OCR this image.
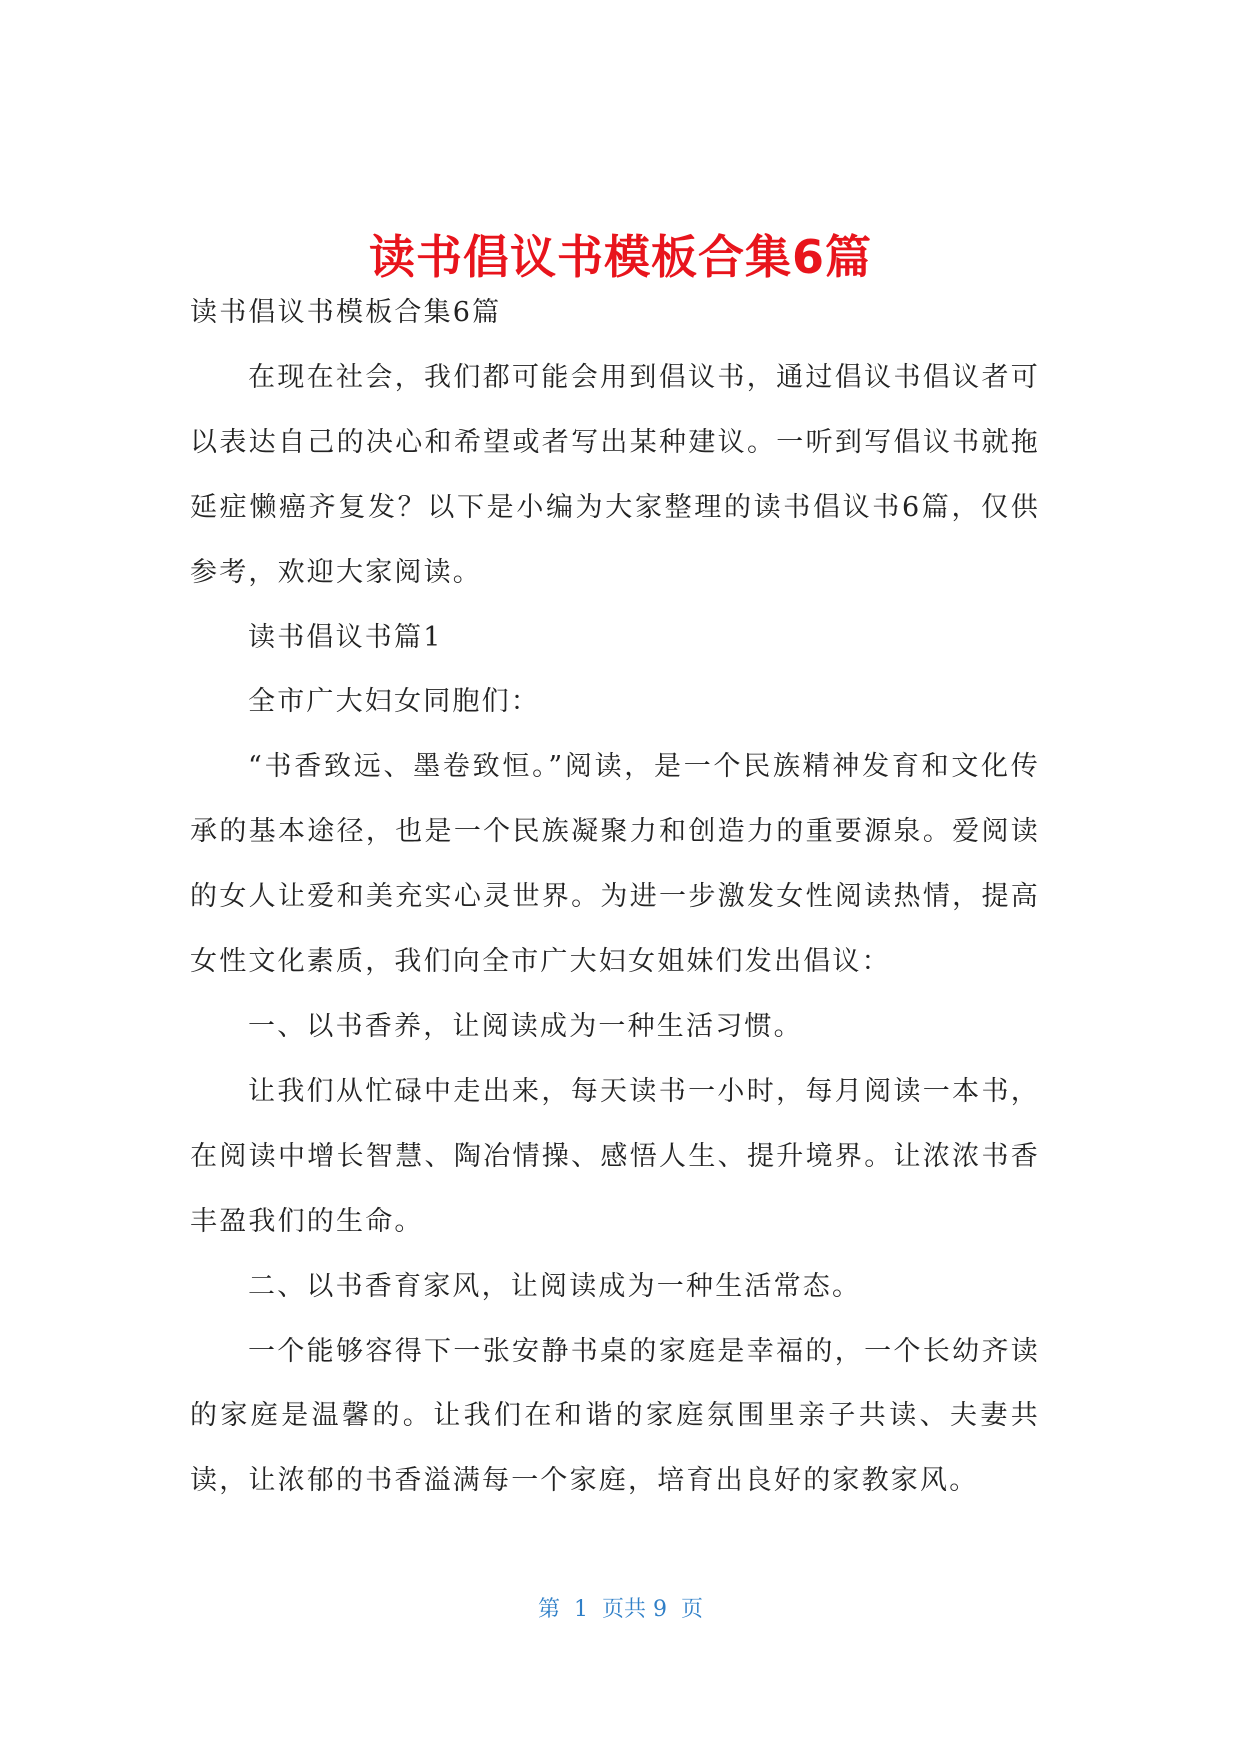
读书倡议书模板合集6篇

读书倡议书模板合集6篇

在现在社会，我们都可能会用到倡议书，通过倡议书倡议者可以表达自己的决心和希望或者写出某种建议。一听到写倡议书就拖延症懒癌齐复发？以下是小编为大家整理的读书倡议书6篇，仅供参考，欢迎大家阅读。

读书倡议书篇1

全市广大妇女同胞们：

“书香致远、墨卷致恒。”阅读，是一个民族精神发育和文化传承的基本途径，也是一个民族凝聚力和创造力的重要源泉。爱阅读的女人让爱和美充实心灵世界。为进一步激发女性阅读热情，提高女性文化素质，我们向全市广大妇女姐妹们发出倡议：

一、以书香养，让阅读成为一种生活习惯。

让我们从忙碌中走出来，每天读书一小时，每月阅读一本书，在阅读中增长智慧、陶冶情操、感悟人生、提升境界。让浓浓书香丰盈我们的生命。

二、以书香育家风，让阅读成为一种生活常态。

一个能够容得下一张安静书桌的家庭是幸福的，一个长幼齐读的家庭是温馨的。让我们在和谐的家庭氛围里亲子共读、夫妻共读，让浓郁的书香溢满每一个家庭，培育出良好的家教家风。

第  1  页共 9  页
